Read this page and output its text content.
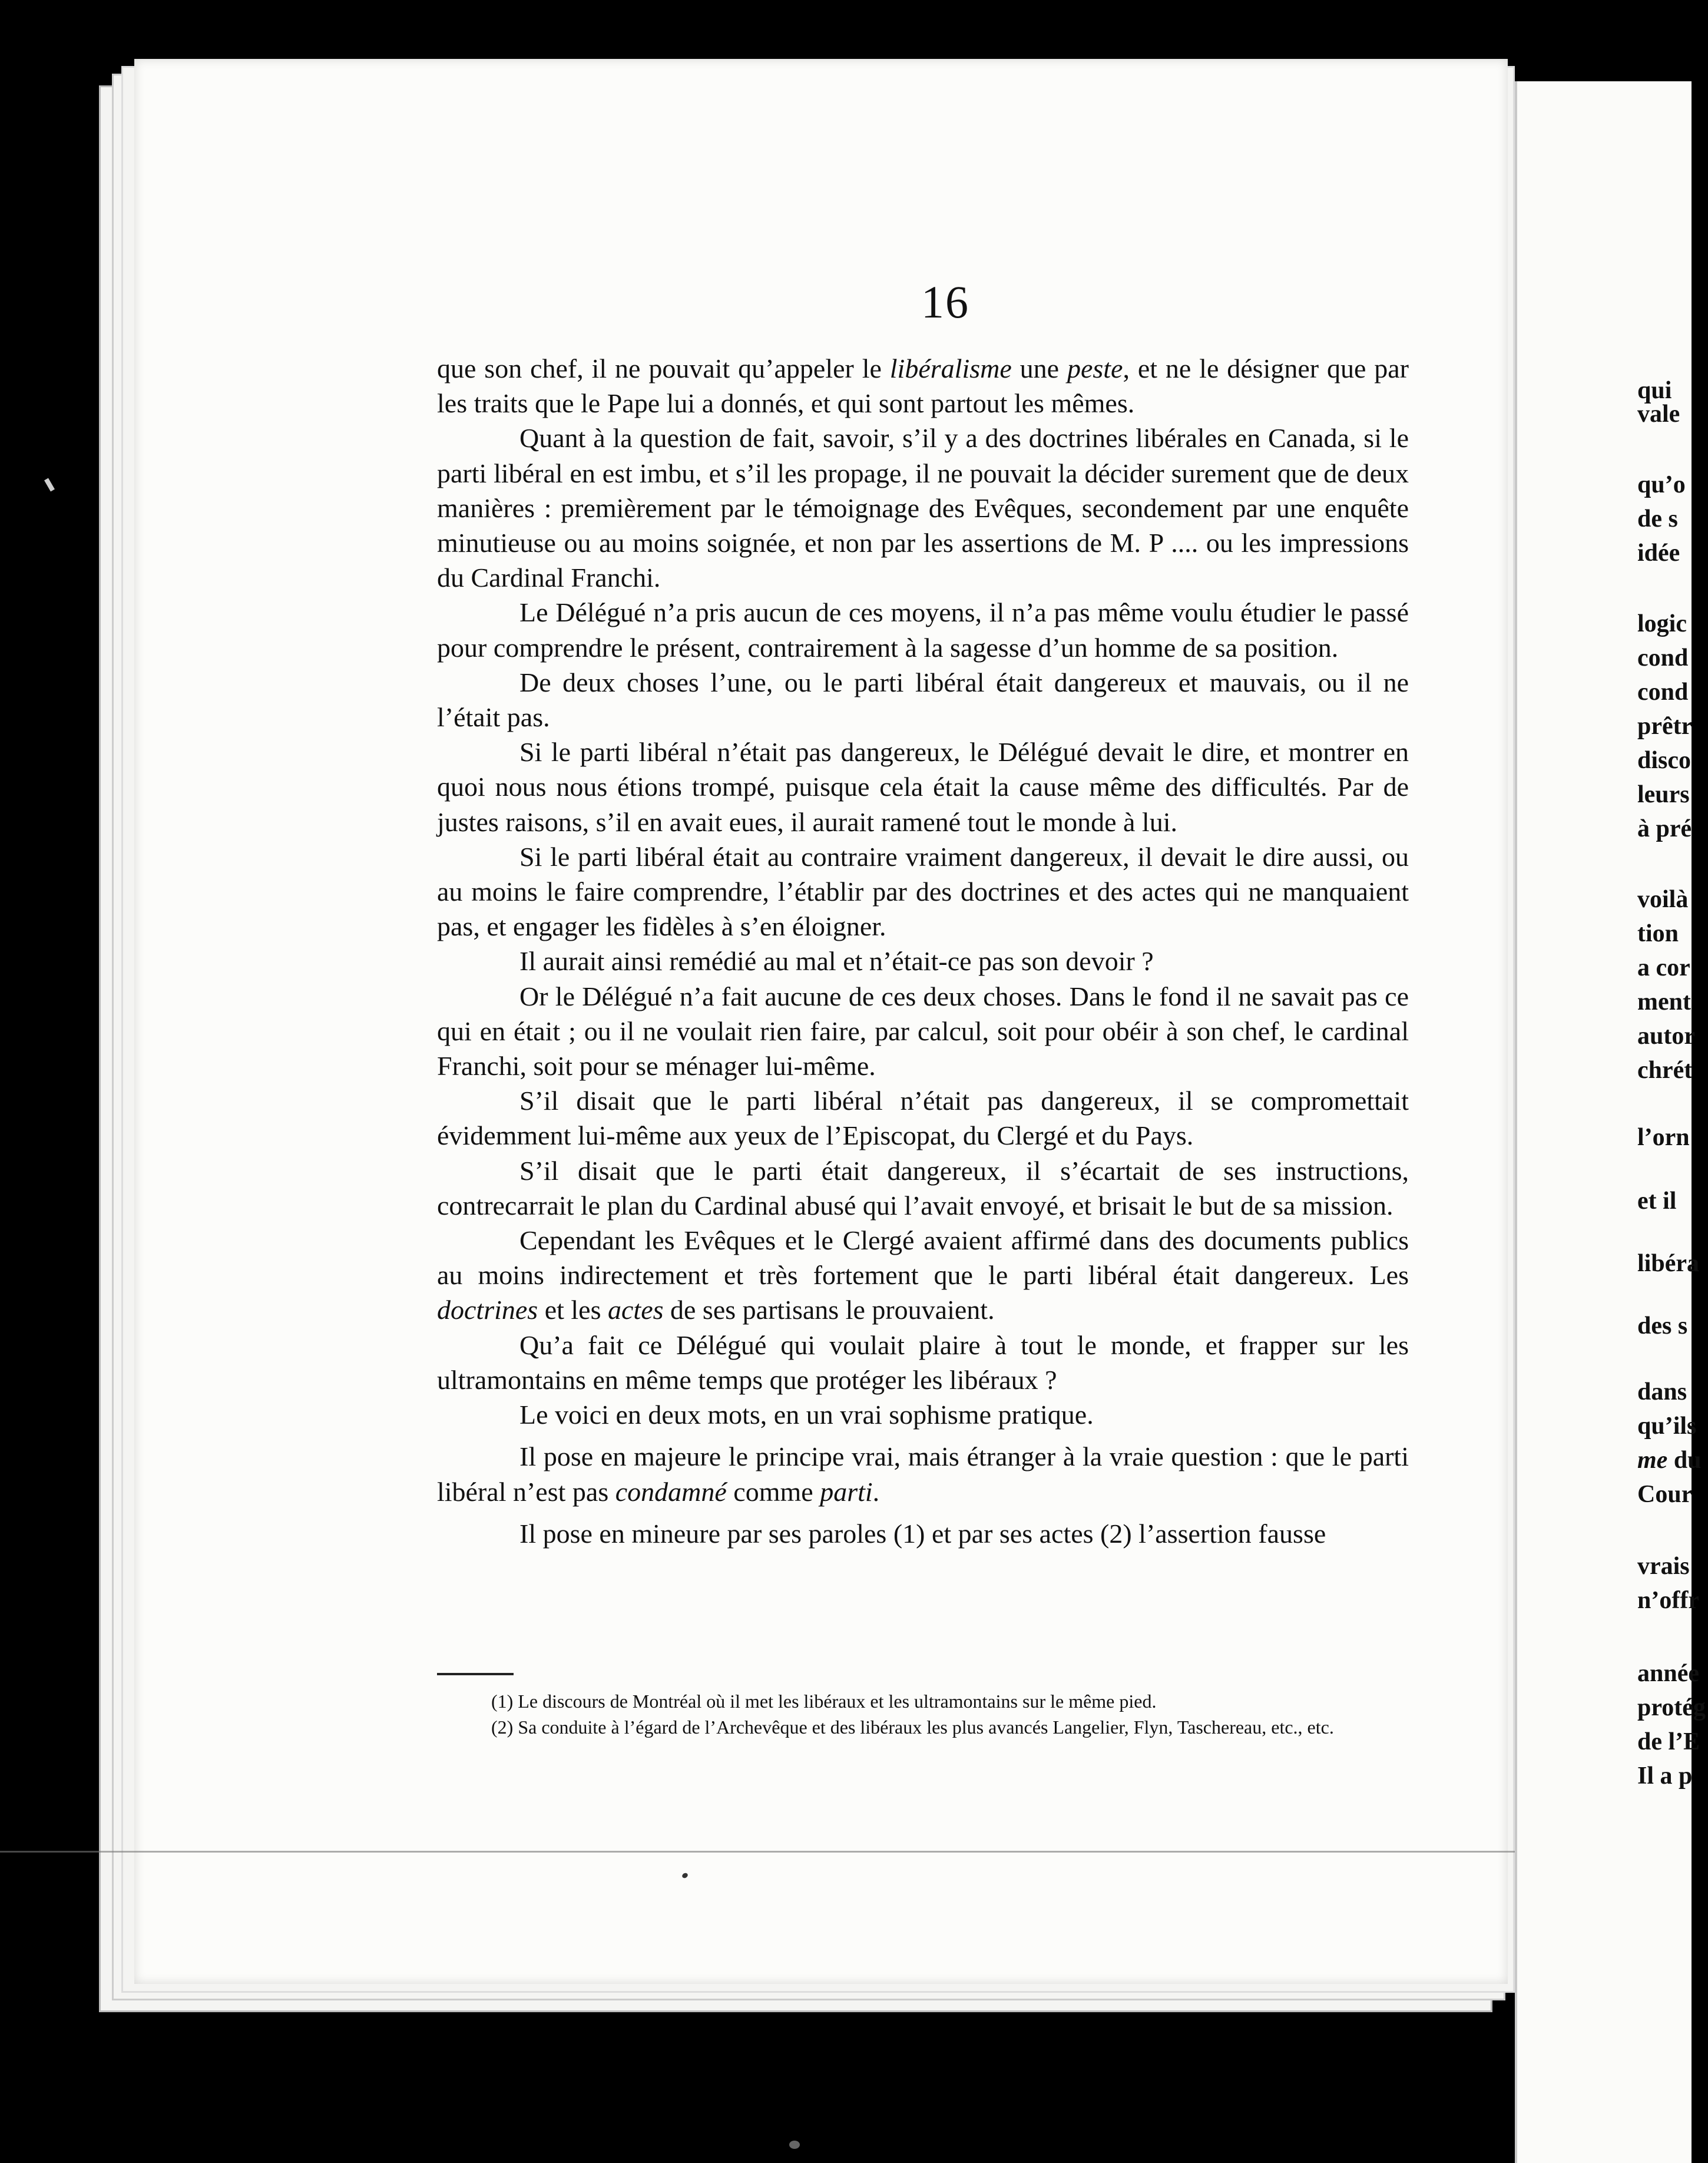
16

que son chef, il ne pouvait qu’appeler le libéralisme une peste, et ne le désigner que par les traits que le Pape lui a donnés, et qui sont partout les mêmes.

Quant à la question de fait, savoir, s’il y a des doctrines libérales en Canada, si le parti libéral en est imbu, et s’il les propage, il ne pouvait la décider surement que de deux manières : premièrement par le témoignage des Evêques, secondement par une enquête minutieuse ou au moins soignée, et non par les assertions de M. P .... ou les impressions du Cardinal Franchi.

Le Délégué n’a pris aucun de ces moyens, il n’a pas même voulu étudier le passé pour comprendre le présent, contrairement à la sagesse d’un homme de sa position.

De deux choses l’une, ou le parti libéral était dangereux et mauvais, ou il ne l’était pas.

Si le parti libéral n’était pas dangereux, le Délégué devait le dire, et montrer en quoi nous nous étions trompé, puisque cela était la cause même des difficultés. Par de justes raisons, s’il en avait eues, il aurait ramené tout le monde à lui.

Si le parti libéral était au contraire vraiment dangereux, il devait le dire aussi, ou au moins le faire comprendre, l’établir par des doctrines et des actes qui ne manquaient pas, et engager les fidèles à s’en éloigner.

Il aurait ainsi remédié au mal et n’était-ce pas son devoir ?

Or le Délégué n’a fait aucune de ces deux choses. Dans le fond il ne savait pas ce qui en était ; ou il ne voulait rien faire, par calcul, soit pour obéir à son chef, le cardinal Franchi, soit pour se ménager lui-même.

S’il disait que le parti libéral n’était pas dangereux, il se compromettait évidemment lui-même aux yeux de l’Episcopat, du Clergé et du Pays.

S’il disait que le parti était dangereux, il s’écartait de ses instructions, contrecarrait le plan du Cardinal abusé qui l’avait envoyé, et brisait le but de sa mission.

Cependant les Evêques et le Clergé avaient affirmé dans des documents publics au moins indirectement et très fortement que le parti libéral était dangereux. Les doctrines et les actes de ses partisans le prouvaient.

Qu’a fait ce Délégué qui voulait plaire à tout le monde, et frapper sur les ultramontains en même temps que protéger les libéraux ?

Le voici en deux mots, en un vrai sophisme pratique.

Il pose en majeure le principe vrai, mais étranger à la vraie question : que le parti libéral n’est pas condamné comme parti.

Il pose en mineure par ses paroles (1) et par ses actes (2) l’assertion fausse

(1) Le discours de Montréal où il met les libéraux et les ultramontains sur le même pied.

(2) Sa conduite à l’égard de l’Archevêque et des libéraux les plus avancés Langelier, Flyn, Taschereau, etc., etc.

qui
vale
qu’o
de s
idée
logic
cond
cond
prêtr
disco
leurs
à pré
voilà
tion
a cor
ment
autor
chrét
l’orn
et il
libéra
des s
dans
qu’ils
me du
Cour
vrais
n’offr
année
protég
de l’E
Il a p
